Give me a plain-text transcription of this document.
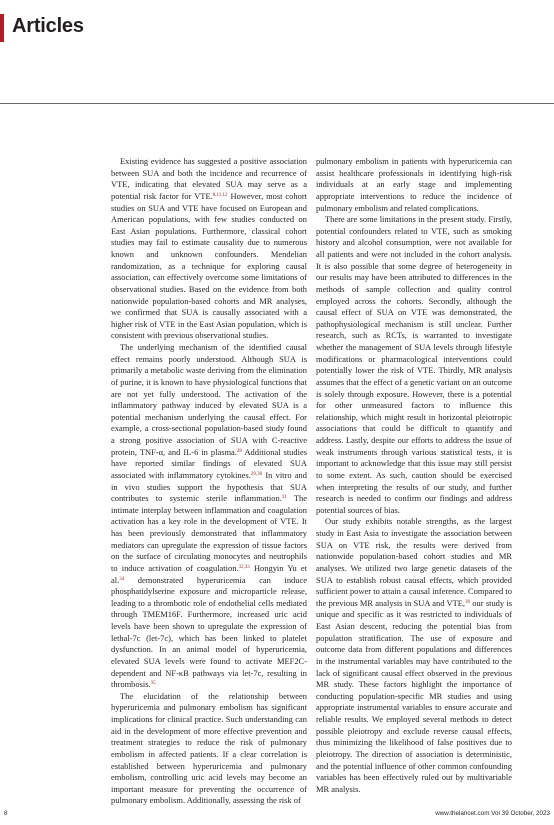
Articles

Existing evidence has suggested a positive association between SUA and both the incidence and recurrence of VTE, indicating that elevated SUA may serve as a potential risk factor for VTE.$^{8,11,12}$ However, most cohort studies on SUA and VTE have focused on European and American populations, with few studies conducted on East Asian populations. Furthermore, classical cohort studies may fail to estimate causality due to numerous known and unknown confounders. Mendelian randomization, as a technique for exploring causal association, can effectively overcome some limitations of observational studies. Based on the evidence from both nationwide population-based cohorts and MR analyses, we confirmed that SUA is causally associated with a higher risk of VTE in the East Asian population, which is consistent with previous observational studies.

The underlying mechanism of the identified causal effect remains poorly understood. Although SUA is primarily a metabolic waste deriving from the elimination of purine, it is known to have physiological functions that are not yet fully understood. The activation of the inflammatory pathway induced by elevated SUA is a potential mechanism underlying the causal effect. For example, a cross-sectional population-based study found a strong positive association of SUA with C-reactive protein, TNF-α, and IL-6 in plasma.$^{28}$ Additional studies have reported similar findings of elevated SUA associated with inflammatory cytokines.$^{29,30}$ In vitro and in vivo studies support the hypothesis that SUA contributes to systemic sterile inflammation.$^{31}$ The intimate interplay between inflammation and coagulation activation has a key role in the development of VTE. It has been previously demonstrated that inflammatory mediators can upregulate the expression of tissue factors on the surface of circulating monocytes and neutrophils to induce activation of coagulation.$^{32,33}$ Hongyin Yu et al.$^{34}$ demonstrated hyperuricemia can induce phosphatidylserine exposure and microparticle release, leading to a thrombotic role of endothelial cells mediated through TMEM16F. Furthermore, increased uric acid levels have been shown to upregulate the expression of lethal-7c (let-7c), which has been linked to platelet dysfunction. In an animal model of hyperuricemia, elevated SUA levels were found to activate MEF2C-dependent and NF-κB pathways via let-7c, resulting in thrombosis.$^{35}$

The elucidation of the relationship between hyperuricemia and pulmonary embolism has significant implications for clinical practice. Such understanding can aid in the development of more effective prevention and treatment strategies to reduce the risk of pulmonary embolism in affected patients. If a clear correlation is established between hyperuricemia and pulmonary embolism, controlling uric acid levels may become an important measure for preventing the occurrence of pulmonary embolism. Additionally, assessing the risk of

pulmonary embolism in patients with hyperuricemia can assist healthcare professionals in identifying high-risk individuals at an early stage and implementing appropriate interventions to reduce the incidence of pulmonary embolism and related complications.

There are some limitations in the present study. Firstly, potential confounders related to VTE, such as smoking history and alcohol consumption, were not available for all patients and were not included in the cohort analysis. It is also possible that some degree of heterogeneity in our results may have been attributed to differences in the methods of sample collection and quality control employed across the cohorts. Secondly, although the causal effect of SUA on VTE was demonstrated, the pathophysiological mechanism is still unclear. Further research, such as RCTs, is warranted to investigate whether the management of SUA levels through lifestyle modifications or pharmacological interventions could potentially lower the risk of VTE. Thirdly, MR analysis assumes that the effect of a genetic variant on an outcome is solely through exposure. However, there is a potential for other unmeasured factors to influence this relationship, which might result in horizontal pleiotropic associations that could be difficult to quantify and address. Lastly, despite our efforts to address the issue of weak instruments through various statistical tests, it is important to acknowledge that this issue may still persist to some extent. As such, caution should be exercised when interpreting the results of our study, and further research is needed to confirm our findings and address potential sources of bias.

Our study exhibits notable strengths, as the largest study in East Asia to investigate the association between SUA on VTE risk, the results were derived from nationwide population-based cohort studies and MR analyses. We utilized two large genetic datasets of the SUA to establish robust causal effects, which provided sufficient power to attain a causal inference. Compared to the previous MR analysis in SUA and VTE,$^{36}$ our study is unique and specific as it was restricted to individuals of East Asian descent, reducing the potential bias from population stratification. The use of exposure and outcome data from different populations and differences in the instrumental variables may have contributed to the lack of significant causal effect observed in the previous MR study. These factors highlight the importance of conducting population-specific MR studies and using appropriate instrumental variables to ensure accurate and reliable results. We employed several methods to detect possible pleiotropy and exclude reverse causal effects, thus minimizing the likelihood of false positives due to pleiotropy. The direction of association is deterministic, and the potential influence of other common confounding variables has been effectively ruled out by multivariable MR analysis.

8	www.thelancet.com Vol 39 October, 2023
